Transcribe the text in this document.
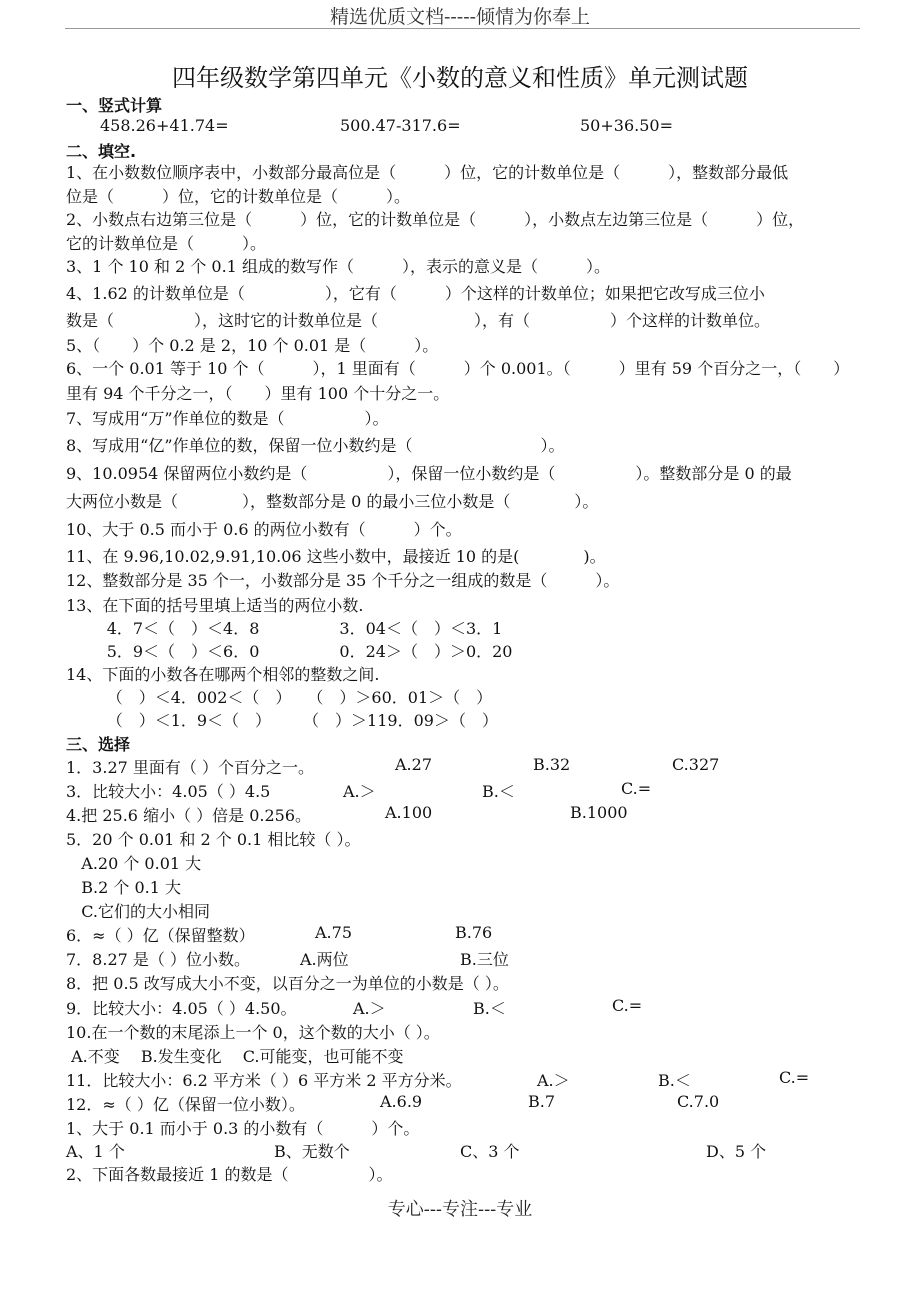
精选优质文档-----倾情为你奉上
四年级数学第四单元《小数的意义和性质》单元测试题
一、竖式计算
458.26+41.74=	500.47-317.6=	50+36.50=
二、填空.
1、在小数数位顺序表中，小数部分最高位是（　　　）位，它的计数单位是（　　　），整数部分最低
位是（　　　）位，它的计数单位是（　　　）。
2、小数点右边第三位是（　　　）位，它的计数单位是（　　　），小数点左边第三位是（　　　）位，
它的计数单位是（　　　）。
3、1 个 10 和 2 个 0.1 组成的数写作（　　　），表示的意义是（　　　）。
4、1.62 的计数单位是（　　　　　），它有（　　　）个这样的计数单位；如果把它改写成三位小
数是（　　　　　），这时它的计数单位是（　　　　　　），有（　　　　　）个这样的计数单位。
5、（　　）个 0.2 是 2，10 个 0.01 是（　　　）。
6、一个 0.01 等于 10 个（　　　），1 里面有（　　　）个 0.001。（　　　）里有 59 个百分之一，（　　）
里有 94 个千分之一，（　　）里有 100 个十分之一。
7、写成用“万”作单位的数是（　　　　　）。
8、写成用“亿”作单位的数，保留一位小数约是（　　　　　　　　）。
9、10.0954 保留两位小数约是（　　　　　），保留一位小数约是（　　　　　）。整数部分是 0 的最
大两位小数是（　　　　），整数部分是 0 的最小三位小数是（　　　　）。
10、大于 0.5 而小于 0.6 的两位小数有（　　　）个。
11、在 9.96,10.02,9.91,10.06 这些小数中，最接近 10 的是(　　　　)。
12、整数部分是 35 个一，小数部分是 35 个千分之一组成的数是（　　　）。
13、在下面的括号里填上适当的两位小数.
4．7＜（　）＜4．8　　　　　3．04＜（　）＜3．1
5．9＜（　）＜6．0　　　　　0．24＞（　）＞0．20
14、下面的小数各在哪两个相邻的整数之间.
（　）＜4．002＜（　）　　（　）＞60．01＞（　）
（　）＜1．9＜（　）　　　（　）＞119．09＞（　）
三、选择
1．3.27 里面有（ ）个百分之一。	A.27	B.32	C.327
3．比较大小：4.05（ ）4.5	A.＞	B.＜	C.=
4.把 25.6 缩小（ ）倍是 0.256。	A.100	B.1000
5．20 个 0.01 和 2 个 0.1 相比较（ ）。
A.20 个 0.01 大
B.2 个 0.1 大
C.它们的大小相同
6．≈（ ）亿（保留整数）	A.75	B.76
7．8.27 是（ ）位小数。	A.两位	B.三位
8．把 0.5 改写成大小不变，以百分之一为单位的小数是（ ）。
9．比较大小：4.05（ ）4.50。	A.＞	B.＜	C.=
10.在一个数的末尾添上一个 0，这个数的大小（ ）。
A.不变　 B.发生变化　 C.可能变，也可能不变
11．比较大小：6.2 平方米（ ）6 平方米 2 平方分米。	A.＞	B.＜	C.=
12．≈（ ）亿（保留一位小数）。	A.6.9	B.7	C.7.0
1、大于 0.1 而小于 0.3 的小数有（　　　）个。
A、1 个	B、无数个	C、3 个	D、5 个
2、下面各数最接近 1 的数是（　　　　　）。
专心---专注---专业
